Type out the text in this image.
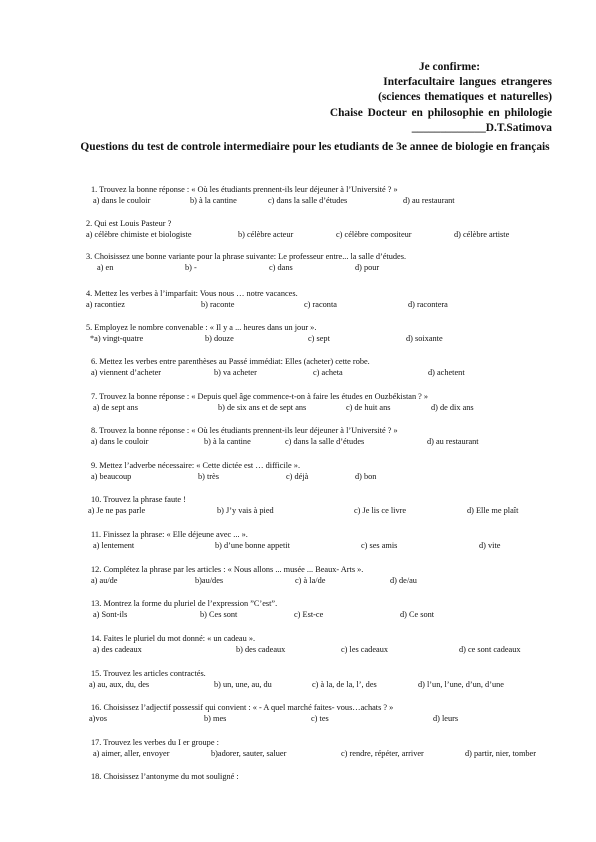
Je confirme:
Interfacultaire langues etrangeres
(sciences thematiques et naturelles)
Chaise Docteur en philosophie en philologie
_____________D.T.Satimova
Questions du test de controle intermediaire pour les etudiants de 3e annee de biologie en français
1. Trouvez la bonne réponse : « Où les étudiants prennent-ils leur déjeuner à l’Université ? »
a) dans le couloir	b) à la cantine	c) dans la salle d’études	d) au restaurant
2. Qui est Louis Pasteur ?
a) célèbre chimiste et biologiste	b) célèbre acteur	c) célèbre compositeur	d) célèbre artiste
3. Choisissez une bonne variante pour la phrase suivante: Le professeur entre... la salle d’études.
a) en	b) -	c) dans	d) pour
4. Mettez les verbes à l’imparfait: Vous nous … notre vacances.
a) racontiez	b) raconte	c) raconta	d) racontera
5. Employez le nombre convenable : « Il y a ... heures dans un jour ».
*a) vingt-quatre	b) douze	c) sept	d) soixante
6. Mettez les verbes entre parenthèses au Passé immédiat: Elles (acheter) cette robe.
a) viennent d’acheter	b) va acheter	c) acheta	d) achetent
7. Trouvez la bonne réponse : « Depuis quel âge commence-t-on à faire les études en Ouzbékistan ? »
a) de sept ans	b) de six ans et de sept ans	c) de huit ans	d) de dix ans
8. Trouvez la bonne réponse : « Où les étudiants prennent-ils leur déjeuner à l’Université ? »
a) dans le couloir	b) à la cantine	c) dans la salle d’études	d) au restaurant
9. Mettez l’adverbe nécessaire: « Cette dictée est … difficile ».
a) beaucoup	b) très	c) déjà	d) bon
10. Trouvez la phrase faute !
a) Je ne pas parle	b) J’y vais à pied	c) Je lis ce livre	d) Elle me plaît
11. Finissez la phrase: « Elle déjeune avec ... ».
a) lentement	b) d’une bonne appetit	c) ses amis	d) vite
12. Complétez la phrase par les articles : « Nous allons ... musée ... Beaux- Arts ».
a) au/de	b)au/des	c) à la/de	d) de/au
13. Montrez la forme du pluriel de l’expression ”C’est”.
a) Sont-ils	b) Ces sont	c) Est-ce	d) Ce sont
14. Faites le pluriel du mot donné: « un cadeau ».
a) des cadeaux	b) des cadeaux	c) les cadeaux	d) ce sont cadeaux
15. Trouvez les articles contractés.
a) au, aux, du, des	b) un, une, au, du	c) à la, de la, l’, des	d) l’un, l’une, d’un, d’une
16. Choisissez l’adjectif possessif qui convient : « - A quel marché faites- vous…achats ? »
a)vos	b) mes	c) tes	d) leurs
17. Trouvez les verbes du I er groupe :
a) aimer, aller, envoyer	b)adorer, sauter, saluer	c) rendre, répéter, arriver	d) partir, nier, tomber
18. Choisissez l’antonyme du mot souligné :
